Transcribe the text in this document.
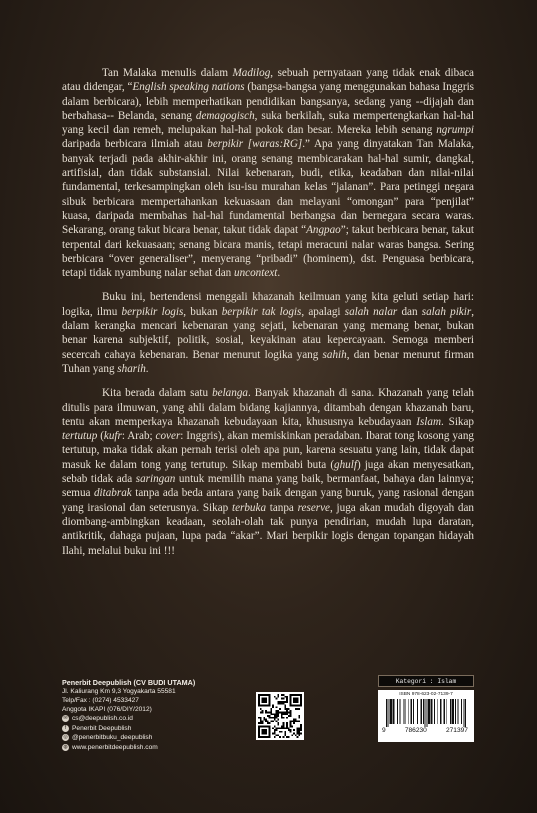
Tan Malaka menulis dalam Madilog, sebuah pernyataan yang tidak enak dibaca atau didengar, “English speaking nations (bangsa-bangsa yang menggunakan bahasa Inggris dalam berbicara), lebih memperhatikan pendidikan bangsanya, sedang yang --dijajah dan berbahasa-- Belanda, senang demagogisch, suka berkilah, suka mempertengkarkan hal-hal yang kecil dan remeh, melupakan hal-hal pokok dan besar. Mereka lebih senang ngrumpi daripada berbicara ilmiah atau berpikir [waras:RG].” Apa yang dinyatakan Tan Malaka, banyak terjadi pada akhir-akhir ini, orang senang membicarakan hal-hal sumir, dangkal, artifisial, dan tidak substansial. Nilai kebenaran, budi, etika, keadaban dan nilai-nilai fundamental, terkesampingkan oleh isu-isu murahan kelas “jalanan”. Para petinggi negara sibuk berbicara mempertahankan kekuasaan dan melayani “omongan” para “penjilat” kuasa, daripada membahas hal-hal fundamental berbangsa dan bernegara secara waras. Sekarang, orang takut bicara benar, takut tidak dapat “Angpao”; takut berbicara benar, takut terpental dari kekuasaan; senang bicara manis, tetapi meracuni nalar waras bangsa. Sering berbicara “over generaliser”, menyerang “pribadi” (hominem), dst. Penguasa berbicara, tetapi tidak nyambung nalar sehat dan uncontext.

Buku ini, bertendensi menggali khazanah keilmuan yang kita geluti setiap hari: logika, ilmu berpikir logis, bukan berpikir tak logis, apalagi salah nalar dan salah pikir, dalam kerangka mencari kebenaran yang sejati, kebenaran yang memang benar, bukan benar karena subjektif, politik, sosial, keyakinan atau kepercayaan. Semoga memberi secercah cahaya kebenaran. Benar menurut logika yang sahih, dan benar menurut firman Tuhan yang sharih.

Kita berada dalam satu belanga. Banyak khazanah di sana. Khazanah yang telah ditulis para ilmuwan, yang ahli dalam bidang kajiannya, ditambah dengan khazanah baru, tentu akan memperkaya khazanah kebudayaan kita, khususnya kebudayaan Islam. Sikap tertutup (kufr: Arab; cover: Inggris), akan memiskinkan peradaban. Ibarat tong kosong yang tertutup, maka tidak akan pernah terisi oleh apa pun, karena sesuatu yang lain, tidak dapat masuk ke dalam tong yang tertutup. Sikap membabi buta (ghulf) juga akan menyesatkan, sebab tidak ada saringan untuk memilih mana yang baik, bermanfaat, bahaya dan lainnya; semua ditabrak tanpa ada beda antara yang baik dengan yang buruk, yang rasional dengan yang irasional dan seterusnya. Sikap terbuka tanpa reserve, juga akan mudah digoyah dan diombang-ambingkan keadaan, seolah-olah tak punya pendirian, mudah lupa daratan, antikritik, dahaga pujaan, lupa pada “akar”. Mari berpikir logis dengan topangan hidayah Ilahi, melalui buku ini !!!

Penerbit Deepublish (CV BUDI UTAMA)
Jl. Kaliurang Km 9,3 Yogyakarta 55581
Telp/Fax : (0274) 4533427
Anggota IKAPI (076/DIY/2012)
✉ cs@deepublish.co.id
f Penerbit Deepublish
◎ @penerbitbuku_deepublish
◍ www.penerbitdeepublish.com
Kategori : Islam
ISBN 978-623-02-7139-7
9	786230	271397
